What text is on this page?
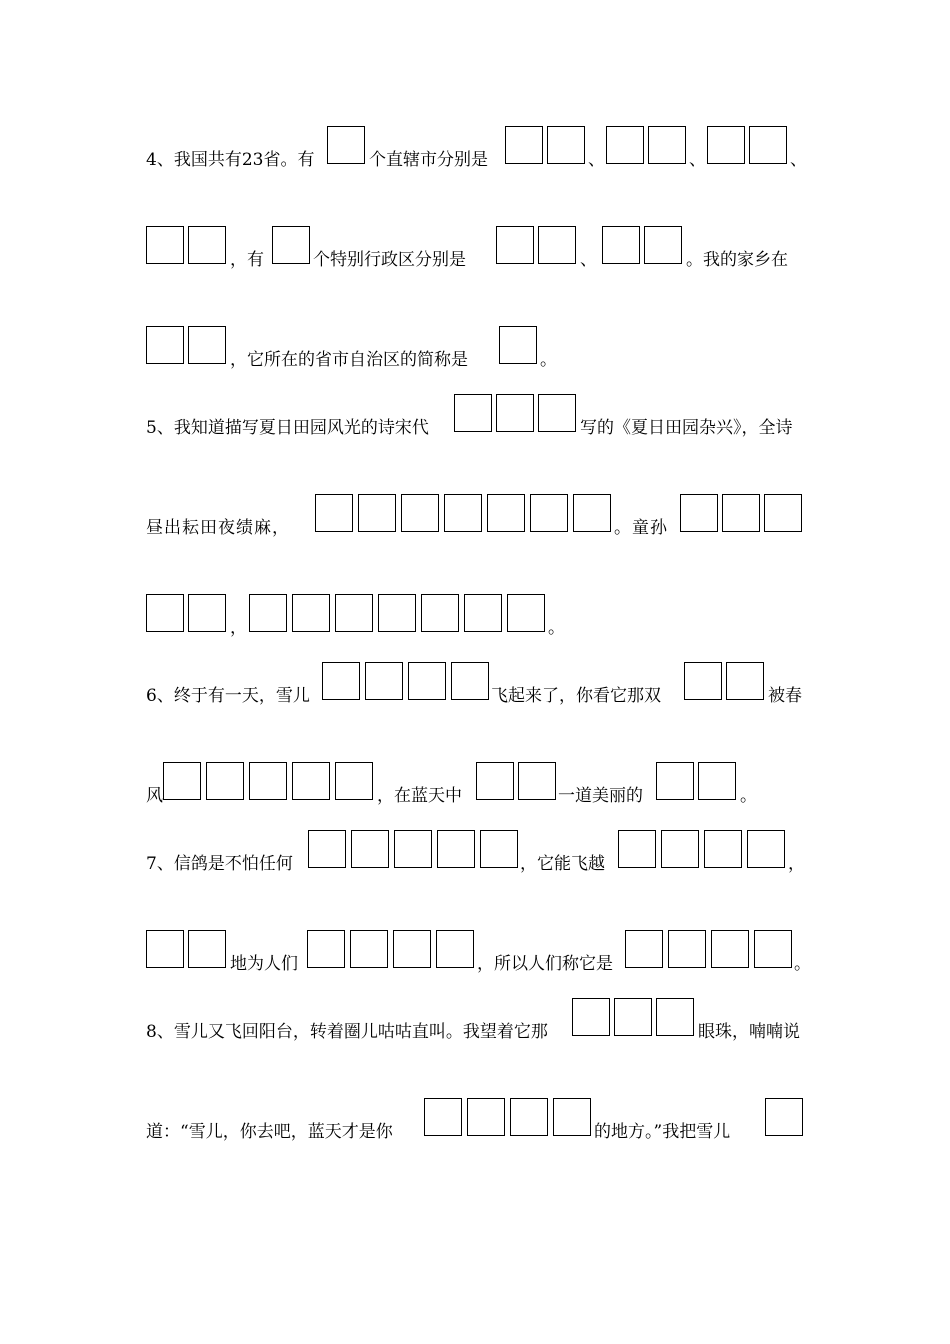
4、我国共有23省。有	个直辖市分别是	、	、	、
，有	个特别行政区分别是	、	。我的家乡在
，它所在的省市自治区的简称是	。
5、我知道描写夏日田园风光的诗宋代	写的《夏日田园杂兴》，全诗
昼出耘田夜绩麻，	。童孙
，	。
6、终于有一天，雪儿	飞起来了，你看它那双	被春
风	，在蓝天中	一道美丽的	。
7、信鸽是不怕任何	，它能飞越	，
地为人们	，所以人们称它是	。
8、雪儿又飞回阳台，转着圈儿咕咕直叫。我望着它那	眼珠，喃喃说
道：“雪儿，你去吧，蓝天才是你	的地方。”我把雪儿
